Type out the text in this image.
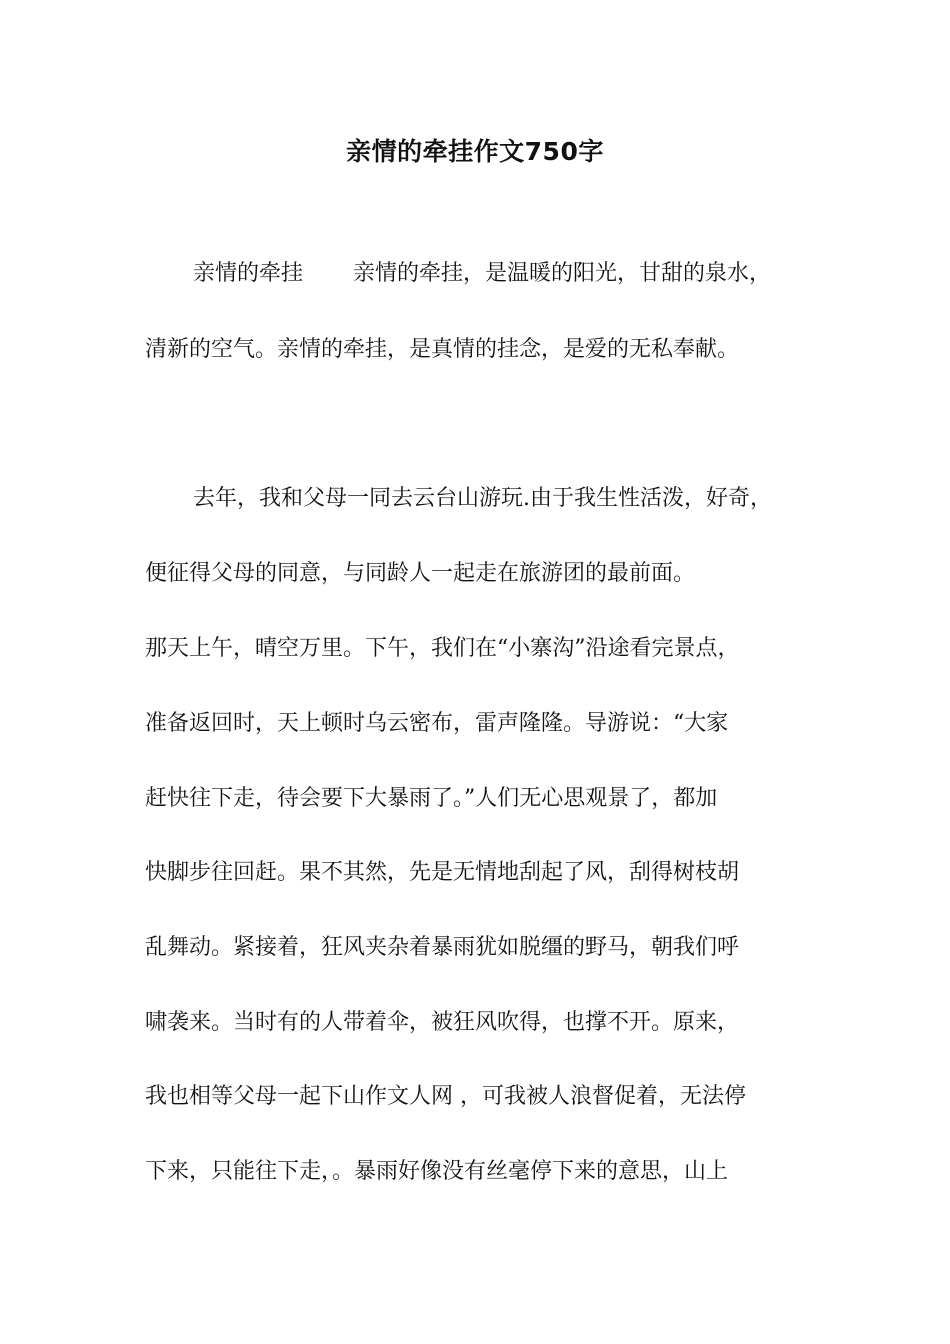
亲情的牵挂作文750字
亲情的牵挂 亲情的牵挂，是温暖的阳光，甘甜的泉水，
清新的空气。亲情的牵挂，是真情的挂念，是爱的无私奉献。
去年，我和父母一同去云台山游玩.由于我生性活泼，好奇，
便征得父母的同意，与同龄人一起走在旅游团的最前面。
那天上午，晴空万里。下午，我们在“小寨沟”沿途看完景点，
准备返回时，天上顿时乌云密布，雷声隆隆。导游说：“大家
赶快往下走，待会要下大暴雨了。”人们无心思观景了，都加
快脚步往回赶。果不其然，先是无情地刮起了风，刮得树枝胡
乱舞动。紧接着，狂风夹杂着暴雨犹如脱缰的野马，朝我们呼
啸袭来。当时有的人带着伞，被狂风吹得，也撑不开。原来，
我也相等父母一起下山作文人网 ，可我被人浪督促着，无法停
下来，只能往下走，。暴雨好像没有丝毫停下来的意思，山上
